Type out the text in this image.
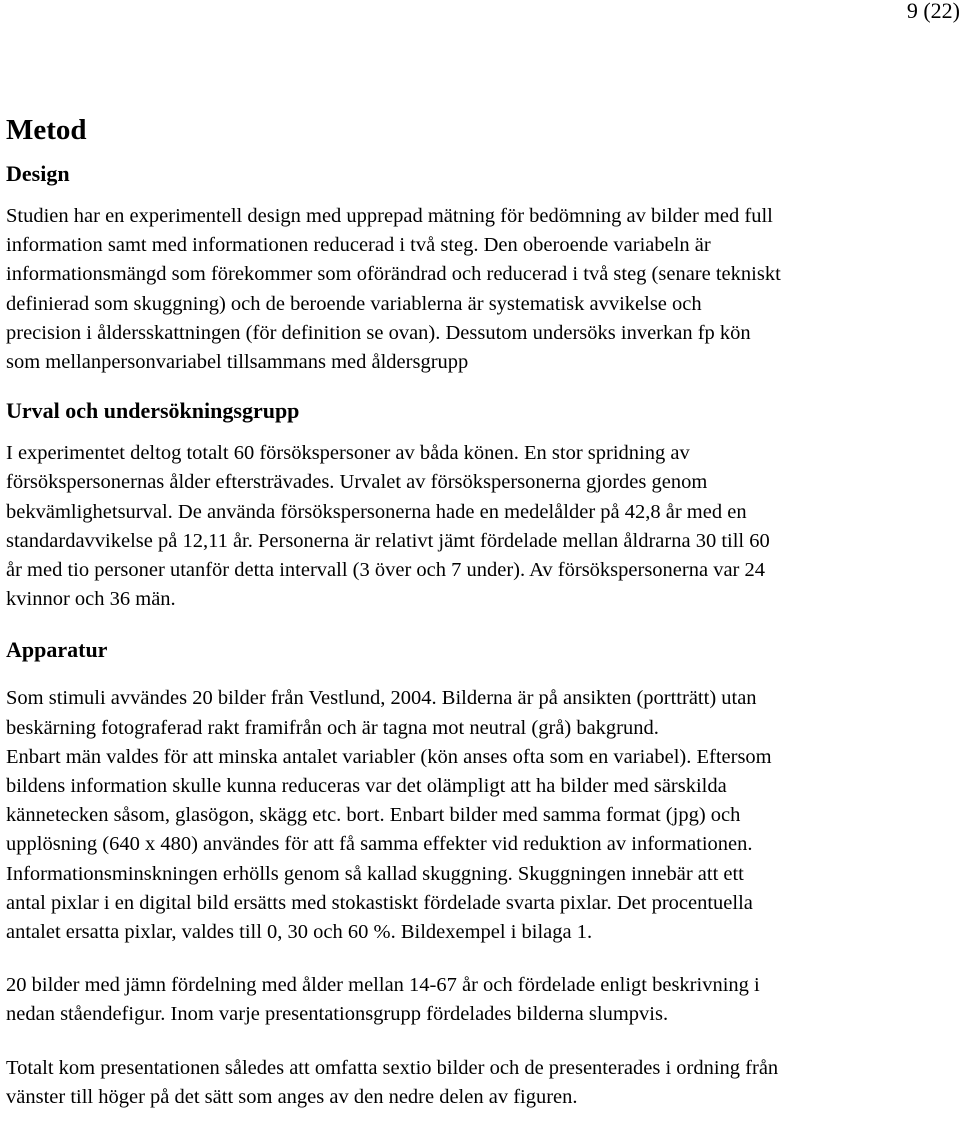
9 (22)
Metod
Design
Studien har en experimentell design med upprepad mätning för bedömning av bilder med full
information samt med informationen reducerad i två steg. Den oberoende variabeln är
informationsmängd som förekommer som oförändrad och reducerad i två steg (senare tekniskt
definierad som skuggning) och de beroende variablerna är systematisk avvikelse och
precision i åldersskattningen (för definition se ovan). Dessutom undersöks inverkan fp kön
som mellanpersonvariabel tillsammans med åldersgrupp
Urval och undersökningsgrupp
I experimentet deltog totalt 60 försökspersoner av båda könen. En stor spridning av
försökspersonernas ålder eftersträvades. Urvalet av försökspersonerna gjordes genom
bekvämlighetsurval. De använda försökspersonerna hade en medelålder på 42,8 år med en
standardavvikelse på 12,11 år. Personerna är relativt jämt fördelade mellan åldrarna 30 till 60
år med tio personer utanför detta intervall (3 över och 7 under). Av försökspersonerna var 24
kvinnor och 36 män.
Apparatur
Som stimuli avvändes 20 bilder från Vestlund, 2004. Bilderna är på ansikten (portträtt) utan
beskärning fotograferad rakt framifrån och är tagna mot neutral (grå) bakgrund.
Enbart män valdes för att minska antalet variabler (kön anses ofta som en variabel). Eftersom
bildens information skulle kunna reduceras var det olämpligt att ha bilder med särskilda
kännetecken såsom, glasögon, skägg etc. bort. Enbart bilder med samma format (jpg) och
upplösning (640 x 480) användes för att få samma effekter vid reduktion av informationen.
Informationsminskningen erhölls genom så kallad skuggning. Skuggningen innebär att ett
antal pixlar i en digital bild ersätts med stokastiskt fördelade svarta pixlar. Det procentuella
antalet ersatta pixlar, valdes till 0, 30 och 60 %. Bildexempel i bilaga 1.
20 bilder med jämn fördelning med ålder mellan 14-67 år och fördelade enligt beskrivning i
nedan ståendefigur. Inom varje presentationsgrupp fördelades bilderna slumpvis.
Totalt kom presentationen således att omfatta sextio bilder och de presenterades i ordning från
vänster till höger på det sätt som anges av den nedre delen av figuren.
